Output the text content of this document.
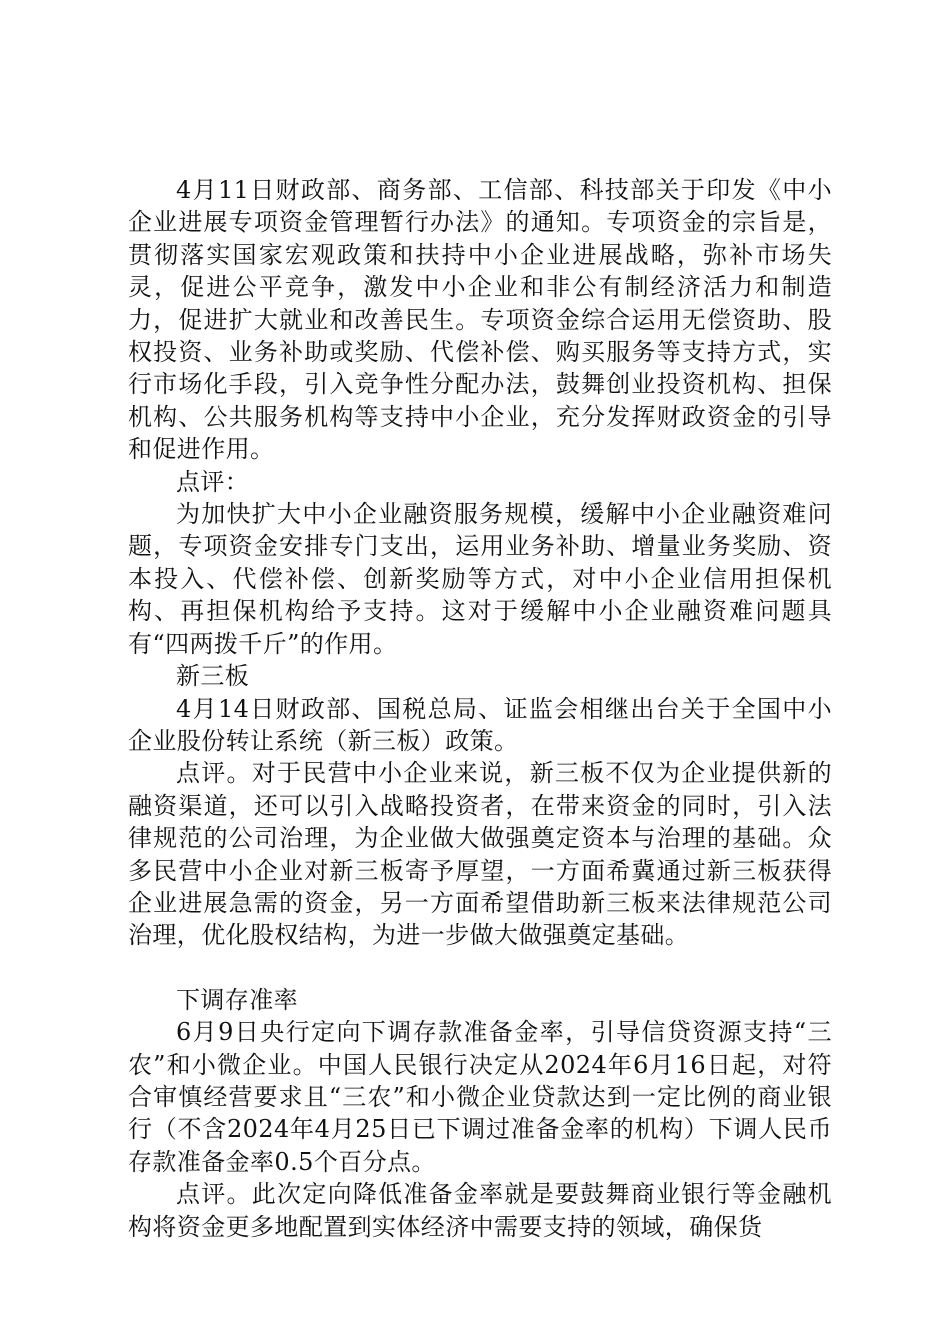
4月11日财政部、商务部、工信部、科技部关于印发《中小企业进展专项资金管理暂行办法》的通知。专项资金的宗旨是，贯彻落实国家宏观政策和扶持中小企业进展战略，弥补市场失灵，促进公平竞争，激发中小企业和非公有制经济活力和制造力，促进扩大就业和改善民生。专项资金综合运用无偿资助、股权投资、业务补助或奖励、代偿补偿、购买服务等支持方式，实行市场化手段，引入竞争性分配办法，鼓舞创业投资机构、担保机构、公共服务机构等支持中小企业，充分发挥财政资金的引导和促进作用。

点评：

为加快扩大中小企业融资服务规模，缓解中小企业融资难问题，专项资金安排专门支出，运用业务补助、增量业务奖励、资本投入、代偿补偿、创新奖励等方式，对中小企业信用担保机构、再担保机构给予支持。这对于缓解中小企业融资难问题具有“四两拨千斤”的作用。

新三板

4月14日财政部、国税总局、证监会相继出台关于全国中小企业股份转让系统（新三板）政策。

点评。对于民营中小企业来说，新三板不仅为企业提供新的融资渠道，还可以引入战略投资者，在带来资金的同时，引入法律规范的公司治理，为企业做大做强奠定资本与治理的基础。众多民营中小企业对新三板寄予厚望，一方面希冀通过新三板获得企业进展急需的资金，另一方面希望借助新三板来法律规范公司治理，优化股权结构，为进一步做大做强奠定基础。

下调存准率

6月9日央行定向下调存款准备金率，引导信贷资源支持“三农”和小微企业。中国人民银行决定从2024年6月16日起，对符合审慎经营要求且“三农”和小微企业贷款达到一定比例的商业银行（不含2024年4月25日已下调过准备金率的机构）下调人民币存款准备金率0.5个百分点。

点评。此次定向降低准备金率就是要鼓舞商业银行等金融机构将资金更多地配置到实体经济中需要支持的领域，确保货
